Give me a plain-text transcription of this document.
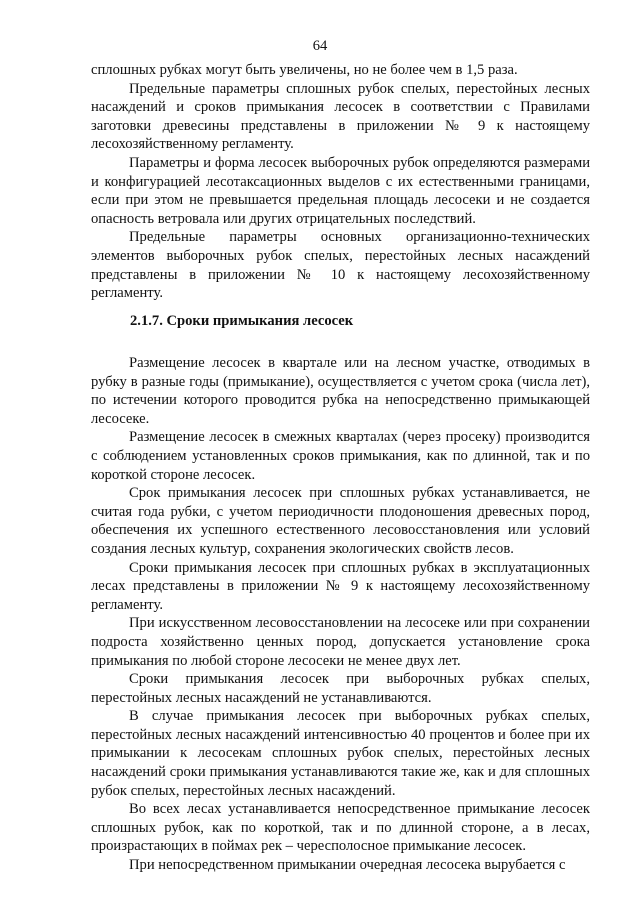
64

сплошных рубках могут быть увеличены, но не более чем в 1,5 раза.

Предельные параметры сплошных рубок спелых, перестойных лесных насаждений и сроков примыкания лесосек в соответствии с Правилами заготовки древесины представлены в приложении № 9 к настоящему лесохозяйственному регламенту.

Параметры и форма лесосек выборочных рубок определяются размерами и конфигурацией лесотаксационных выделов с их естественными границами, если при этом не превышается предельная площадь лесосеки и не создается опасность ветровала или других отрицательных последствий.

Предельные параметры основных организационно-технических элементов выборочных рубок спелых, перестойных лесных насаждений представлены в приложении № 10 к настоящему лесохозяйственному регламенту.

2.1.7. Сроки примыкания лесосек

Размещение лесосек в квартале или на лесном участке, отводимых в рубку в разные годы (примыкание), осуществляется с учетом срока (числа лет), по истечении которого проводится рубка на непосредственно примыкающей лесосеке.

Размещение лесосек в смежных кварталах (через просеку) производится с соблюдением установленных сроков примыкания, как по длинной, так и по короткой стороне лесосек.

Срок примыкания лесосек при сплошных рубках устанавливается, не считая года рубки, с учетом периодичности плодоношения древесных пород, обеспечения их успешного естественного лесовосстановления или условий создания лесных культур, сохранения экологических свойств лесов.

Сроки примыкания лесосек при сплошных рубках в эксплуатационных лесах представлены в приложении № 9 к настоящему лесохозяйственному регламенту.

При искусственном лесовосстановлении на лесосеке или при сохранении подроста хозяйственно ценных пород, допускается установление срока примыкания по любой стороне лесосеки не менее двух лет.

Сроки примыкания лесосек при выборочных рубках спелых, перестойных лесных насаждений не устанавливаются.

В случае примыкания лесосек при выборочных рубках спелых, перестойных лесных насаждений интенсивностью 40 процентов и более при их примыкании к лесосекам сплошных рубок спелых, перестойных лесных насаждений сроки примыкания устанавливаются такие же, как и для сплошных рубок спелых, перестойных лесных насаждений.

Во всех лесах устанавливается непосредственное примыкание лесосек сплошных рубок, как по короткой, так и по длинной стороне, а в лесах, произрастающих в поймах рек – чересполосное примыкание лесосек.

При непосредственном примыкании очередная лесосека вырубается с
